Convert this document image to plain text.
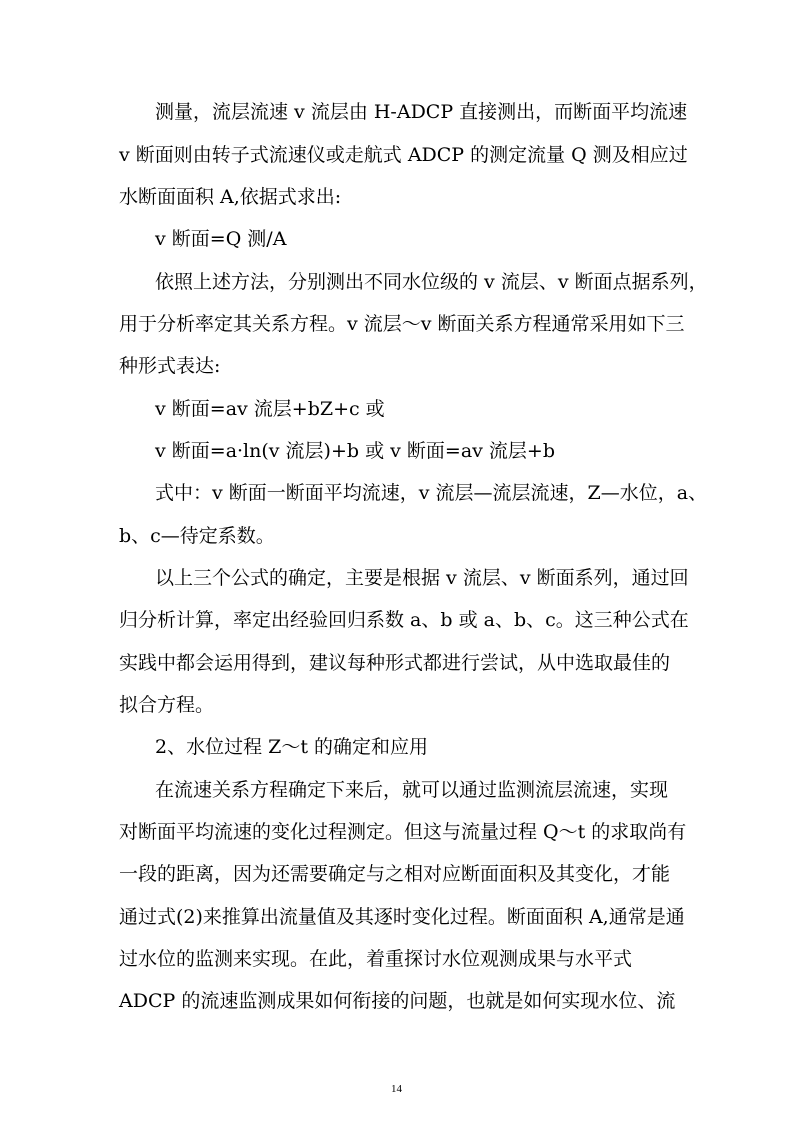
测量，流层流速 v 流层由 H-ADCP 直接测出，而断面平均流速
v 断面则由转子式流速仪或走航式 ADCP 的测定流量 Q 测及相应过
水断面面积 A,依据式求出:
v 断面=Q 测/A
依照上述方法，分别测出不同水位级的 v 流层、v 断面点据系列，
用于分析率定其关系方程。v 流层～v 断面关系方程通常采用如下三
种形式表达:
v 断面=av 流层+bZ+c 或
v 断面=a·ln(v 流层)+b 或 v 断面=av 流层+b
式中：v 断面一断面平均流速，v 流层—流层流速，Z—水位，a、
b、c—待定系数。
以上三个公式的确定，主要是根据 v 流层、v 断面系列，通过回
归分析计算，率定出经验回归系数 a、b 或 a、b、c。这三种公式在
实践中都会运用得到，建议每种形式都进行尝试，从中选取最佳的
拟合方程。
2、水位过程 Z～t 的确定和应用
在流速关系方程确定下来后，就可以通过监测流层流速，实现
对断面平均流速的变化过程测定。但这与流量过程 Q～t 的求取尚有
一段的距离，因为还需要确定与之相对应断面面积及其变化，才能
通过式(2)来推算出流量值及其逐时变化过程。断面面积 A,通常是通
过水位的监测来实现。在此，着重探讨水位观测成果与水平式
ADCP 的流速监测成果如何衔接的问题，也就是如何实现水位、流
14
